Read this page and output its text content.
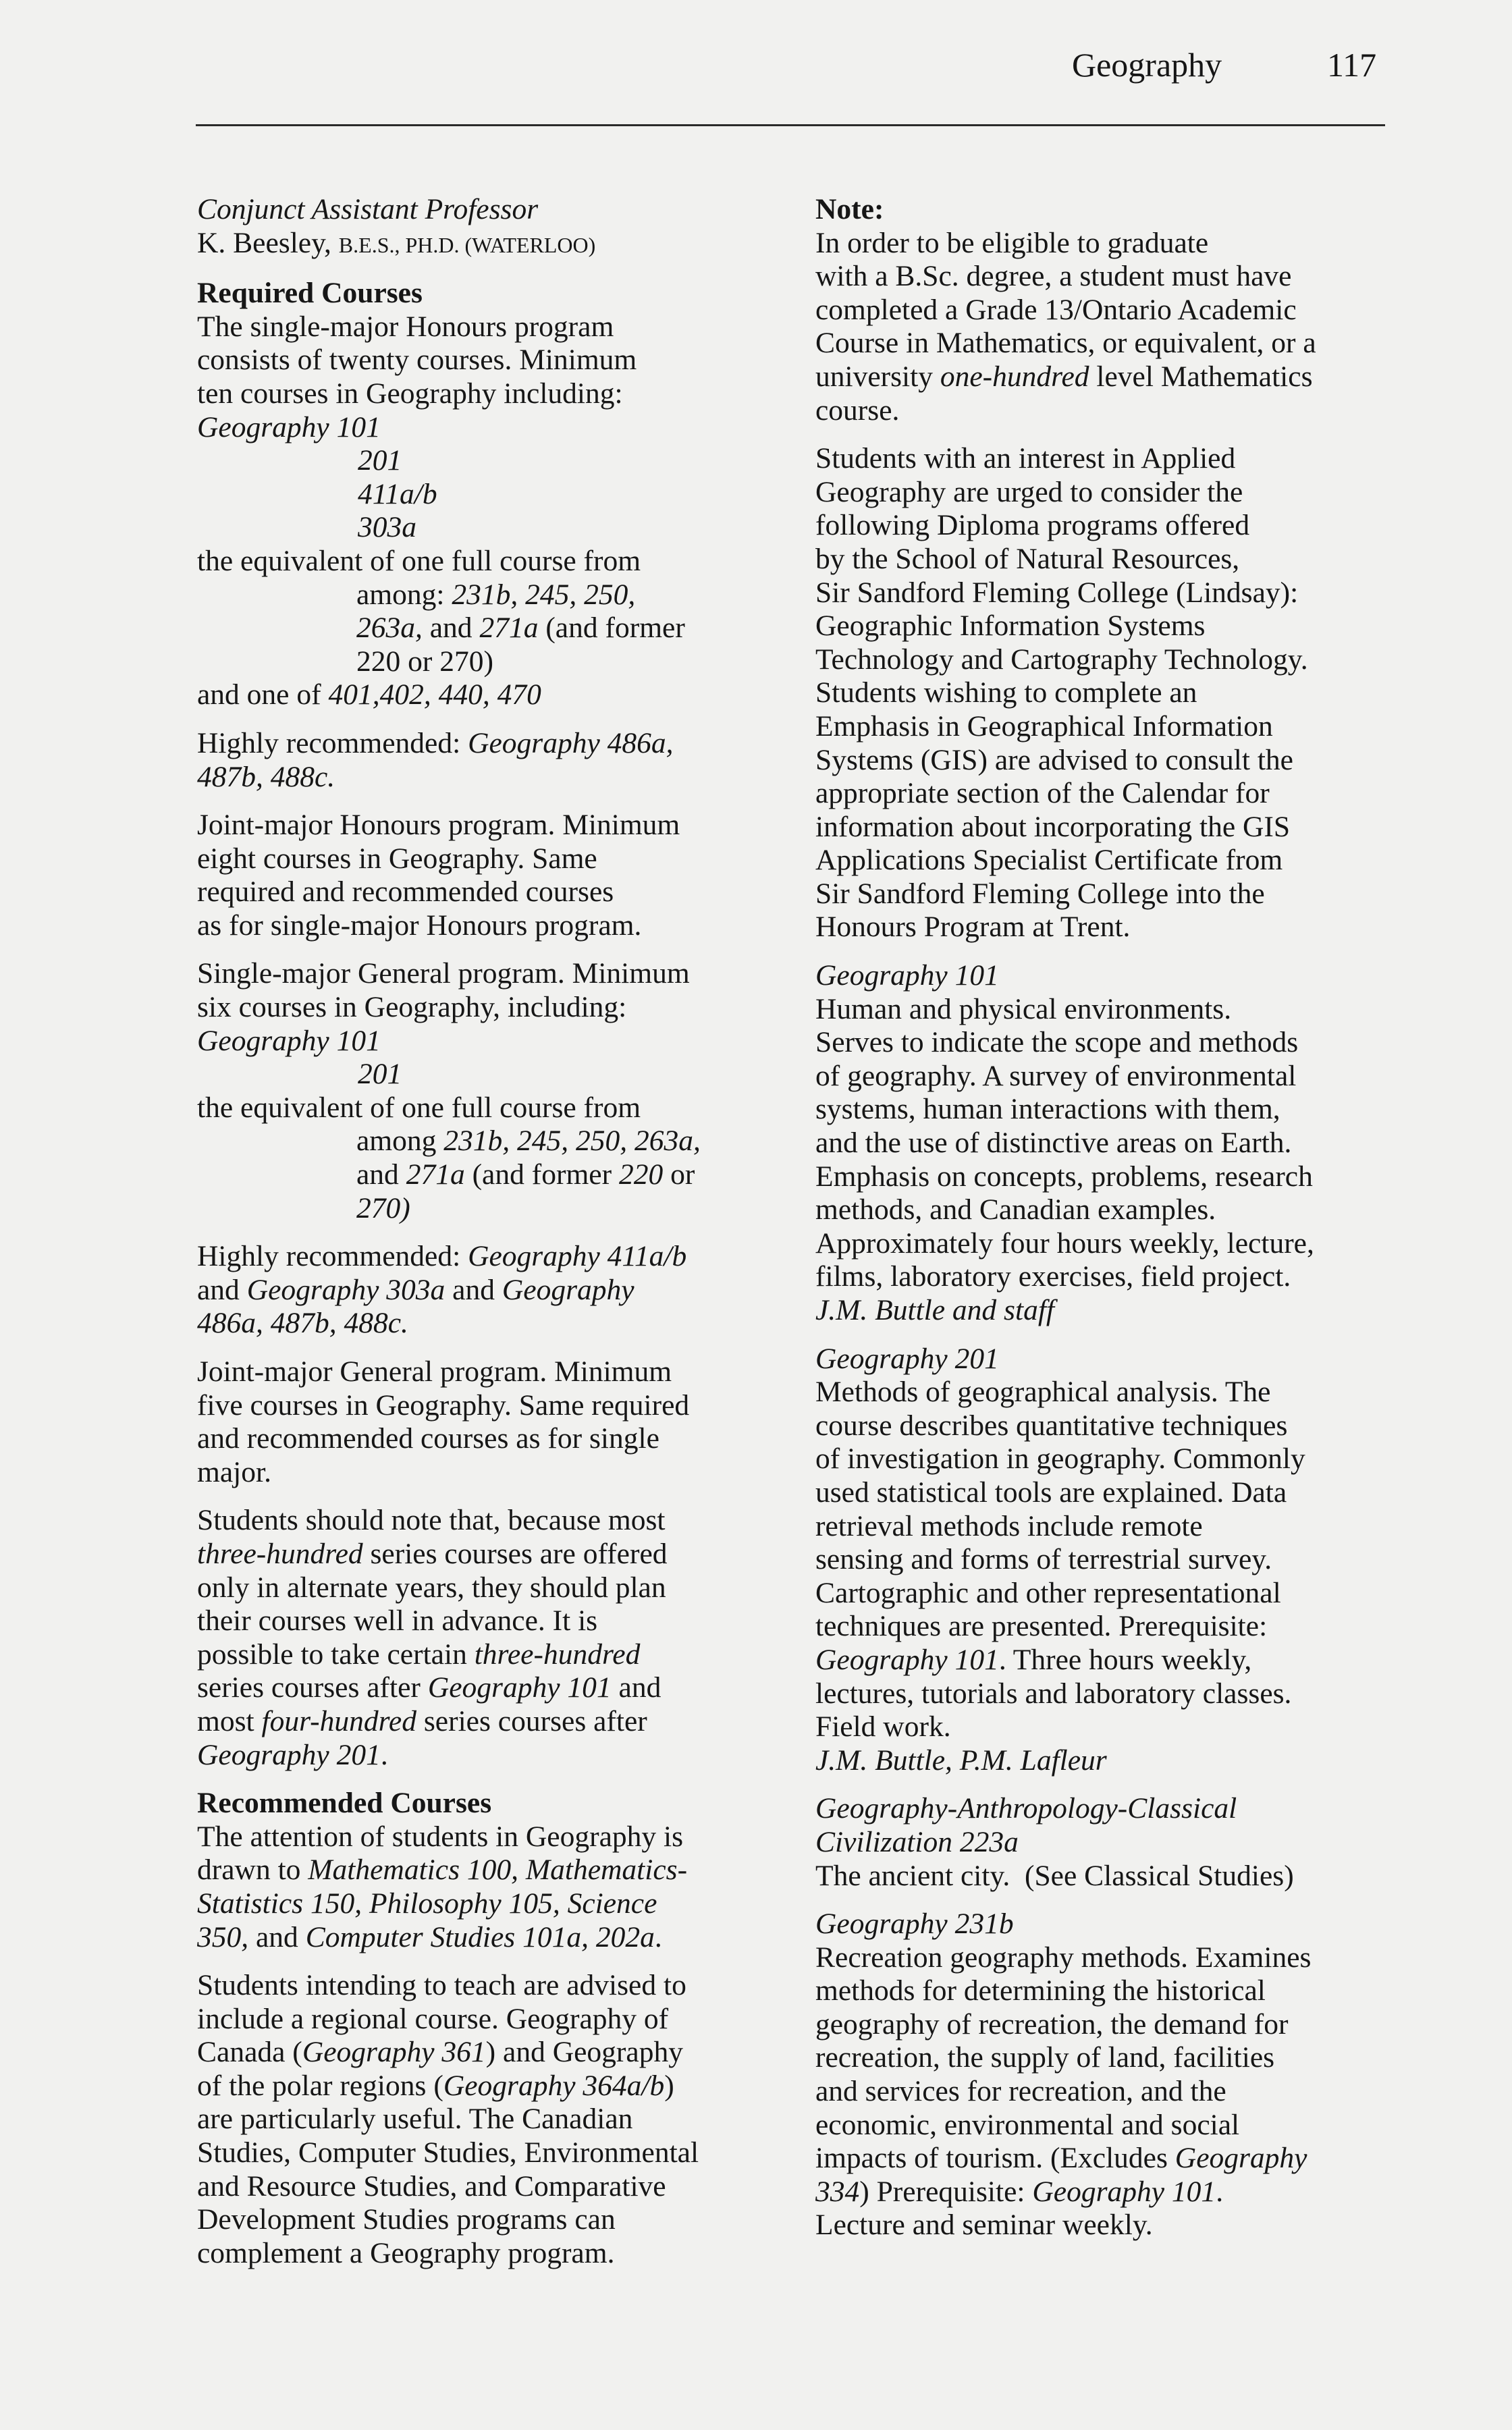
Geography	117
Conjunct Assistant Professor
K. Beesley, B.E.S., PH.D. (WATERLOO)
Required Courses
The single-major Honours program
consists of twenty courses. Minimum
ten courses in Geography including:
Geography 101
201
411a/b
303a
the equivalent of one full course from
among: 231b, 245, 250,
263a, and 271a (and former
220 or 270)
and one of 401,402, 440, 470
Highly recommended: Geography 486a,
487b, 488c.
Joint-major Honours program. Minimum
eight courses in Geography. Same
required and recommended courses
as for single-major Honours program.
Single-major General program. Minimum
six courses in Geography, including:
Geography 101
201
the equivalent of one full course from
among 231b, 245, 250, 263a,
and 271a (and former 220 or
270)
Highly recommended: Geography 411a/b
and Geography 303a and Geography
486a, 487b, 488c.
Joint-major General program. Minimum
five courses in Geography. Same required
and recommended courses as for single
major.
Students should note that, because most
three-hundred series courses are offered
only in alternate years, they should plan
their courses well in advance. It is
possible to take certain three-hundred
series courses after Geography 101 and
most four-hundred series courses after
Geography 201.
Recommended Courses
The attention of students in Geography is
drawn to Mathematics 100, Mathematics-
Statistics 150, Philosophy 105, Science
350, and Computer Studies 101a, 202a.
Students intending to teach are advised to
include a regional course. Geography of
Canada (Geography 361) and Geography
of the polar regions (Geography 364a/b)
are particularly useful. The Canadian
Studies, Computer Studies, Environmental
and Resource Studies, and Comparative
Development Studies programs can
complement a Geography program.
Note:
In order to be eligible to graduate
with a B.Sc. degree, a student must have
completed a Grade 13/Ontario Academic
Course in Mathematics, or equivalent, or a
university one-hundred level Mathematics
course.
Students with an interest in Applied
Geography are urged to consider the
following Diploma programs offered
by the School of Natural Resources,
Sir Sandford Fleming College (Lindsay):
Geographic Information Systems
Technology and Cartography Technology.
Students wishing to complete an
Emphasis in Geographical Information
Systems (GIS) are advised to consult the
appropriate section of the Calendar for
information about incorporating the GIS
Applications Specialist Certificate from
Sir Sandford Fleming College into the
Honours Program at Trent.
Geography 101
Human and physical environments.
Serves to indicate the scope and methods
of geography. A survey of environmental
systems, human interactions with them,
and the use of distinctive areas on Earth.
Emphasis on concepts, problems, research
methods, and Canadian examples.
Approximately four hours weekly, lecture,
films, laboratory exercises, field project.
J.M. Buttle and staff
Geography 201
Methods of geographical analysis. The
course describes quantitative techniques
of investigation in geography. Commonly
used statistical tools are explained. Data
retrieval methods include remote
sensing and forms of terrestrial survey.
Cartographic and other representational
techniques are presented. Prerequisite:
Geography 101. Three hours weekly,
lectures, tutorials and laboratory classes.
Field work.
J.M. Buttle, P.M. Lafleur
Geography-Anthropology-Classical
Civilization 223a
The ancient city.  (See Classical Studies)
Geography 231b
Recreation geography methods. Examines
methods for determining the historical
geography of recreation, the demand for
recreation, the supply of land, facilities
and services for recreation, and the
economic, environmental and social
impacts of tourism. (Excludes Geography
334) Prerequisite: Geography 101.
Lecture and seminar weekly.
